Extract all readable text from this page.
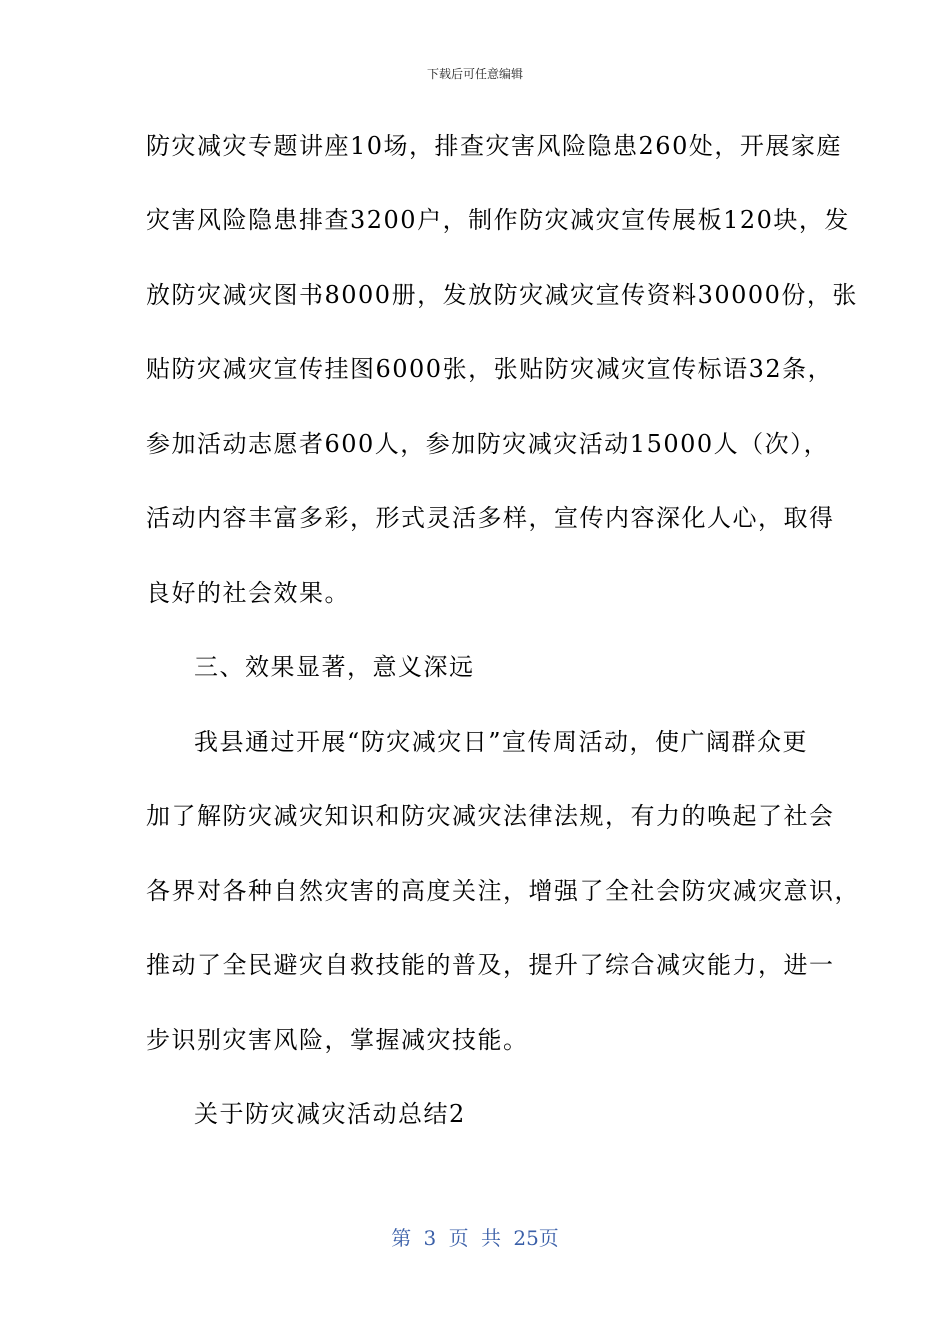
下载后可任意编辑
防灾减灾专题讲座10场，排查灾害风险隐患260处，开展家庭
灾害风险隐患排查3200户，制作防灾减灾宣传展板120块，发
放防灾减灾图书8000册，发放防灾减灾宣传资料30000份，张
贴防灾减灾宣传挂图6000张，张贴防灾减灾宣传标语32条，
参加活动志愿者600人，参加防灾减灾活动15000人（次），
活动内容丰富多彩，形式灵活多样，宣传内容深化人心，取得
良好的社会效果。
三、效果显著，意义深远
我县通过开展“防灾减灾日”宣传周活动，使广阔群众更
加了解防灾减灾知识和防灾减灾法律法规，有力的唤起了社会
各界对各种自然灾害的高度关注，增强了全社会防灾减灾意识，
推动了全民避灾自救技能的普及，提升了综合减灾能力，进一
步识别灾害风险，掌握减灾技能。
关于防灾减灾活动总结2
第 3 页 共 25页
